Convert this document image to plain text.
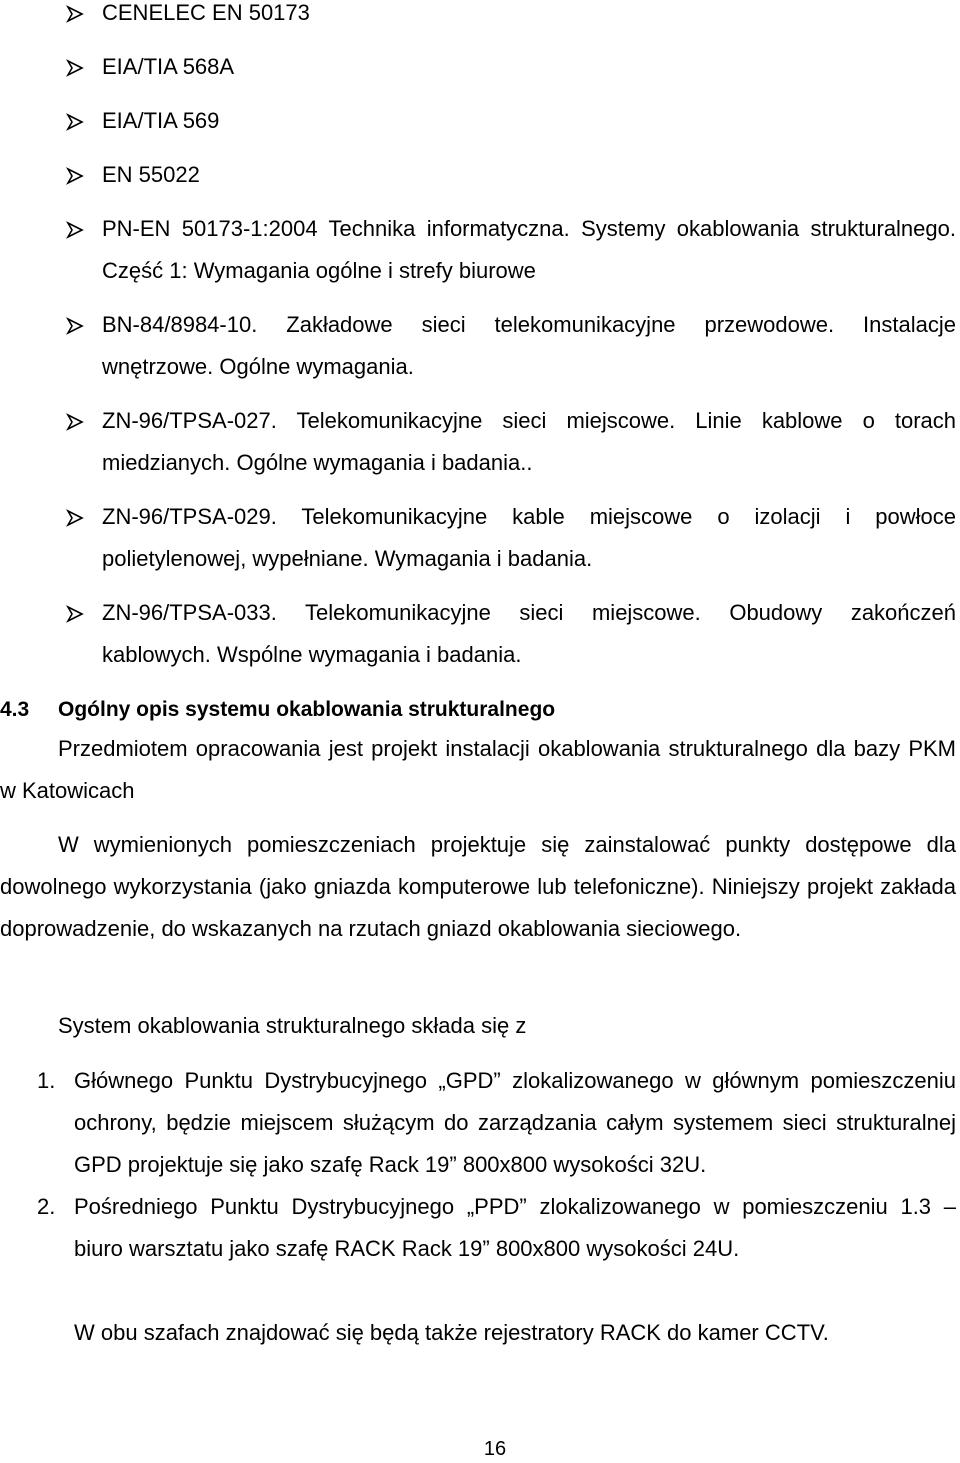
CENELEC EN 50173
EIA/TIA 568A
EIA/TIA 569
EN 55022
PN-EN 50173-1:2004 Technika informatyczna. Systemy okablowania strukturalnego. Część 1: Wymagania ogólne i strefy biurowe
BN-84/8984-10. Zakładowe sieci telekomunikacyjne przewodowe. Instalacje wnętrzowe. Ogólne wymagania.
ZN-96/TPSA-027. Telekomunikacyjne sieci miejscowe. Linie kablowe o torach miedzianych. Ogólne wymagania i badania..
ZN-96/TPSA-029. Telekomunikacyjne kable miejscowe o izolacji i powłoce polietylenowej, wypełniane. Wymagania i badania.
ZN-96/TPSA-033. Telekomunikacyjne sieci miejscowe. Obudowy zakończeń kablowych. Wspólne wymagania i badania.
4.3 Ogólny opis systemu okablowania strukturalnego

Przedmiotem opracowania jest projekt instalacji okablowania strukturalnego dla bazy PKM w Katowicach

W wymienionych pomieszczeniach projektuje się zainstalować punkty dostępowe dla dowolnego wykorzystania (jako gniazda komputerowe lub telefoniczne). Niniejszy projekt zakłada doprowadzenie, do wskazanych na rzutach gniazd okablowania sieciowego.

System okablowania strukturalnego składa się z

1. Głównego Punktu Dystrybucyjnego „GPD” zlokalizowanego w głównym pomieszczeniu ochrony, będzie miejscem służącym do zarządzania całym systemem sieci strukturalnej GPD projektuje się jako szafę Rack 19” 800x800 wysokości 32U.
2. Pośredniego Punktu Dystrybucyjnego „PPD” zlokalizowanego w pomieszczeniu 1.3 – biuro warsztatu jako szafę RACK Rack 19” 800x800 wysokości 24U.
W obu szafach znajdować się będą także rejestratory RACK do kamer CCTV.
16
